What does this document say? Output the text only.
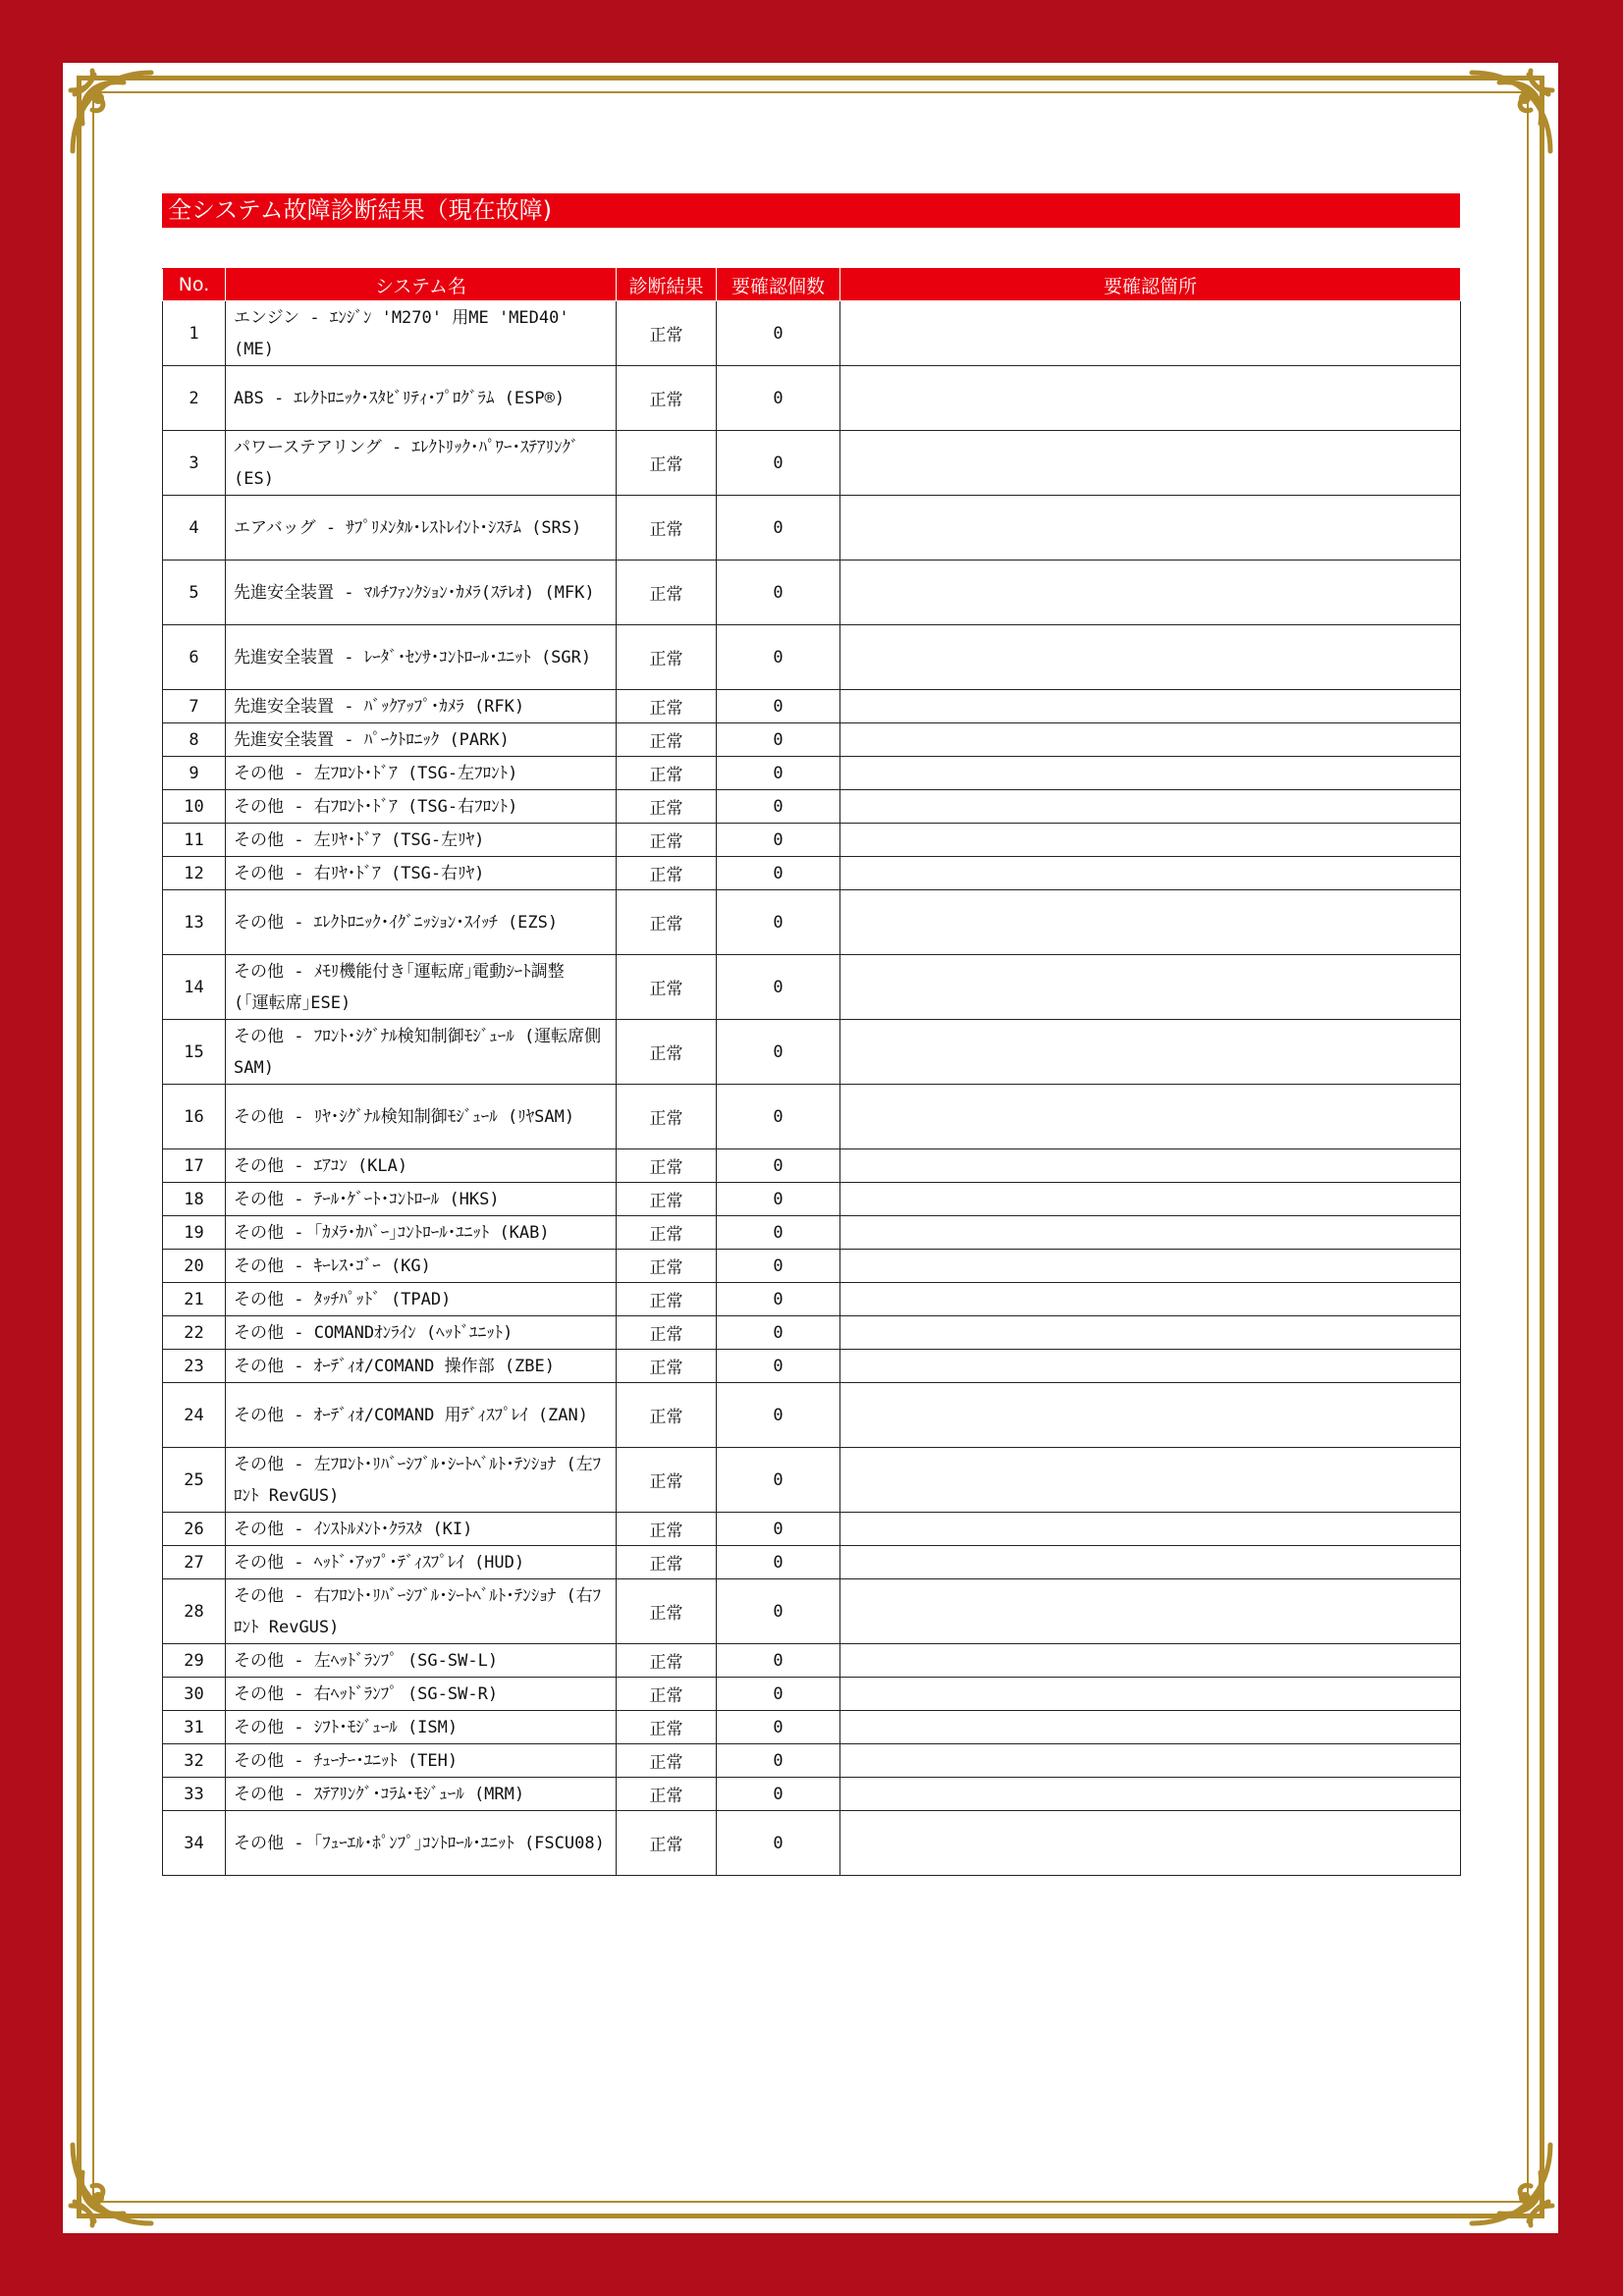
全システム故障診断結果（現在故障)
No.	システム名	診断結果	要確認個数	要確認箇所
1	エンジン - ｴﾝｼﾞﾝ 'M270' 用ME 'MED40' (ME)	正常	0	
2	ABS - ｴﾚｸﾄﾛﾆｯｸ･ｽﾀﾋﾞﾘﾃｨ･ﾌﾟﾛｸﾞﾗﾑ (ESP®)	正常	0	
3	パワーステアリング - ｴﾚｸﾄﾘｯｸ･ﾊﾟﾜｰ･ｽﾃｱﾘﾝｸﾞ (ES)	正常	0	
4	エアバッグ - ｻﾌﾟﾘﾒﾝﾀﾙ･ﾚｽﾄﾚｲﾝﾄ･ｼｽﾃﾑ (SRS)	正常	0	
5	先進安全装置 - ﾏﾙﾁﾌｧﾝｸｼｮﾝ･ｶﾒﾗ(ｽﾃﾚｵ) (MFK)	正常	0	
6	先進安全装置 - ﾚｰﾀﾞ･ｾﾝｻ･ｺﾝﾄﾛｰﾙ･ﾕﾆｯﾄ (SGR)	正常	0	
7	先進安全装置 - ﾊﾞｯｸｱｯﾌﾟ･ｶﾒﾗ (RFK)	正常	0	
8	先進安全装置 - ﾊﾟｰｸﾄﾛﾆｯｸ (PARK)	正常	0	
9	その他 - 左ﾌﾛﾝﾄ･ﾄﾞｱ (TSG-左ﾌﾛﾝﾄ)	正常	0	
10	その他 - 右ﾌﾛﾝﾄ･ﾄﾞｱ (TSG-右ﾌﾛﾝﾄ)	正常	0	
11	その他 - 左ﾘﾔ･ﾄﾞｱ (TSG-左ﾘﾔ)	正常	0	
12	その他 - 右ﾘﾔ･ﾄﾞｱ (TSG-右ﾘﾔ)	正常	0	
13	その他 - ｴﾚｸﾄﾛﾆｯｸ･ｲｸﾞﾆｯｼｮﾝ･ｽｲｯﾁ (EZS)	正常	0	
14	その他 - ﾒﾓﾘ機能付き｢運転席｣電動ｼｰﾄ調整 (｢運転席｣ESE)	正常	0	
15	その他 - ﾌﾛﾝﾄ･ｼｸﾞﾅﾙ検知制御ﾓｼﾞｭｰﾙ (運転席側SAM)	正常	0	
16	その他 - ﾘﾔ･ｼｸﾞﾅﾙ検知制御ﾓｼﾞｭｰﾙ (ﾘﾔSAM)	正常	0	
17	その他 - ｴｱｺﾝ (KLA)	正常	0	
18	その他 - ﾃｰﾙ･ｹﾞｰﾄ･ｺﾝﾄﾛｰﾙ (HKS)	正常	0	
19	その他 - ｢ｶﾒﾗ･ｶﾊﾞｰ｣ｺﾝﾄﾛｰﾙ･ﾕﾆｯﾄ (KAB)	正常	0	
20	その他 - ｷｰﾚｽ･ｺﾞｰ (KG)	正常	0	
21	その他 - ﾀｯﾁﾊﾟｯﾄﾞ (TPAD)	正常	0	
22	その他 - COMANDｵﾝﾗｲﾝ (ﾍｯﾄﾞﾕﾆｯﾄ)	正常	0	
23	その他 - ｵｰﾃﾞｨｵ/COMAND 操作部 (ZBE)	正常	0	
24	その他 - ｵｰﾃﾞｨｵ/COMAND 用ﾃﾞｨｽﾌﾟﾚｲ (ZAN)	正常	0	
25	その他 - 左ﾌﾛﾝﾄ･ﾘﾊﾞｰｼﾌﾞﾙ･ｼｰﾄﾍﾞﾙﾄ･ﾃﾝｼｮﾅ (左ﾌﾛﾝﾄ RevGUS)	正常	0	
26	その他 - ｲﾝｽﾄﾙﾒﾝﾄ･ｸﾗｽﾀ (KI)	正常	0	
27	その他 - ﾍｯﾄﾞ･ｱｯﾌﾟ･ﾃﾞｨｽﾌﾟﾚｲ (HUD)	正常	0	
28	その他 - 右ﾌﾛﾝﾄ･ﾘﾊﾞｰｼﾌﾞﾙ･ｼｰﾄﾍﾞﾙﾄ･ﾃﾝｼｮﾅ (右ﾌﾛﾝﾄ RevGUS)	正常	0	
29	その他 - 左ﾍｯﾄﾞﾗﾝﾌﾟ (SG-SW-L)	正常	0	
30	その他 - 右ﾍｯﾄﾞﾗﾝﾌﾟ (SG-SW-R)	正常	0	
31	その他 - ｼﾌﾄ･ﾓｼﾞｭｰﾙ (ISM)	正常	0	
32	その他 - ﾁｭｰﾅｰ･ﾕﾆｯﾄ (TEH)	正常	0	
33	その他 - ｽﾃｱﾘﾝｸﾞ･ｺﾗﾑ･ﾓｼﾞｭｰﾙ (MRM)	正常	0	
34	その他 - ｢ﾌｭｰｴﾙ･ﾎﾟﾝﾌﾟ｣ｺﾝﾄﾛｰﾙ･ﾕﾆｯﾄ (FSCU08)	正常	0	
